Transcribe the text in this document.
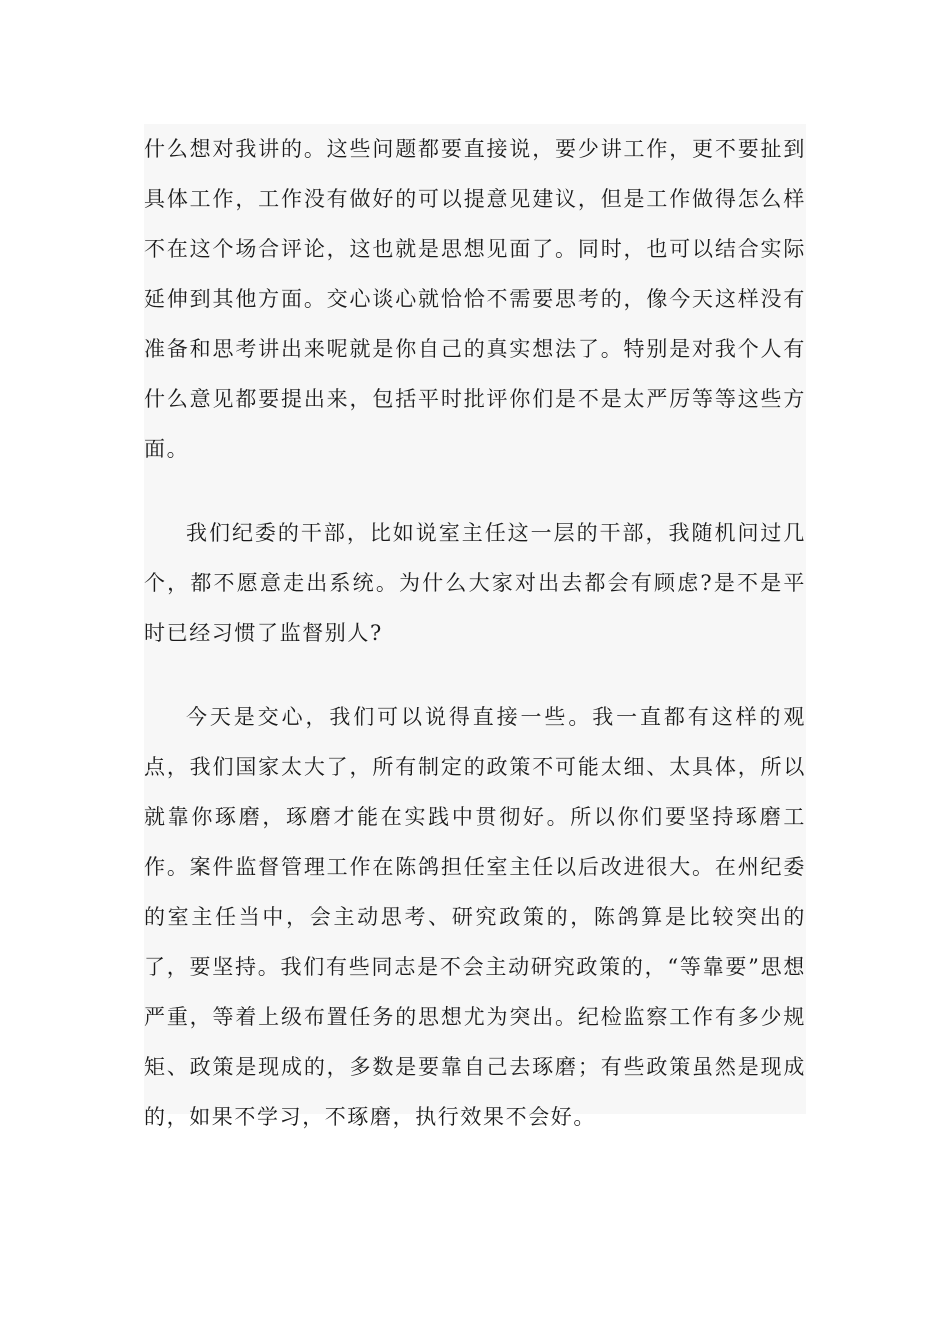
什么想对我讲的。这些问题都要直接说，要少讲工作，更不要扯到具体工作，工作没有做好的可以提意见建议，但是工作做得怎么样不在这个场合评论，这也就是思想见面了。同时，也可以结合实际延伸到其他方面。交心谈心就恰恰不需要思考的，像今天这样没有准备和思考讲出来呢就是你自己的真实想法了。特别是对我个人有什么意见都要提出来，包括平时批评你们是不是太严厉等等这些方面。

我们纪委的干部，比如说室主任这一层的干部，我随机问过几个，都不愿意走出系统。为什么大家对出去都会有顾虑?是不是平时已经习惯了监督别人?

今天是交心，我们可以说得直接一些。我一直都有这样的观点，我们国家太大了，所有制定的政策不可能太细、太具体，所以就靠你琢磨，琢磨才能在实践中贯彻好。所以你们要坚持琢磨工作。案件监督管理工作在陈鸽担任室主任以后改进很大。在州纪委的室主任当中，会主动思考、研究政策的，陈鸽算是比较突出的了，要坚持。我们有些同志是不会主动研究政策的，“等靠要”思想严重，等着上级布置任务的思想尤为突出。纪检监察工作有多少规矩、政策是现成的，多数是要靠自己去琢磨；有些政策虽然是现成的，如果不学习，不琢磨，执行效果不会好。
